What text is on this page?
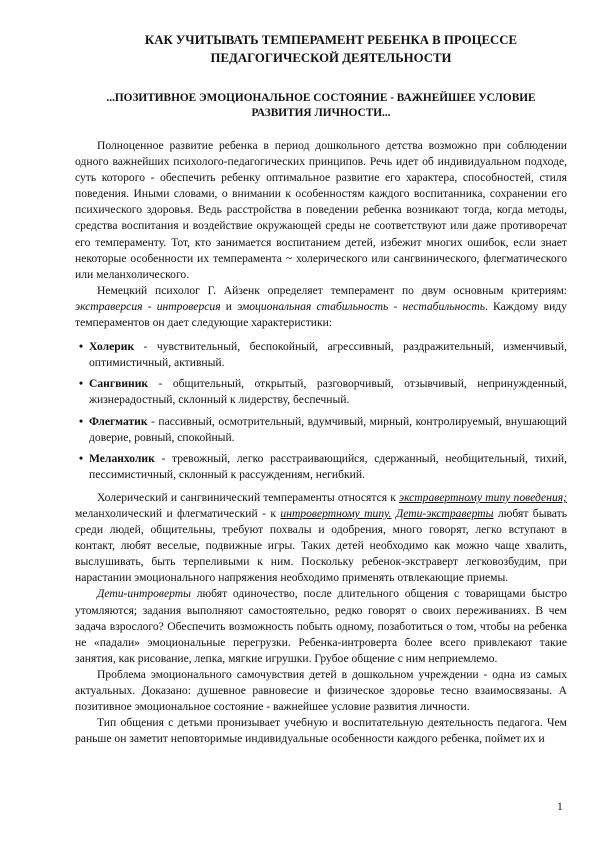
КАК УЧИТЫВАТЬ ТЕМПЕРАМЕНТ РЕБЕНКА В ПРОЦЕССЕ ПЕДАГОГИЧЕСКОЙ ДЕЯТЕЛЬНОСТИ
...ПОЗИТИВНОЕ ЭМОЦИОНАЛЬНОЕ СОСТОЯНИЕ - ВАЖНЕЙШЕЕ УСЛОВИЕ РАЗВИТИЯ ЛИЧНОСТИ...

Полноценное развитие ребенка в период дошкольного детства возможно при соблюдении одного важнейших психолого-педагогических принципов. Речь идет об индивидуальном подходе, суть которого - обеспечить ребенку оптимальное развитие его характера, способностей, стиля поведения. Иными словами, о внимании к особенностям каждого воспитанника, сохранении его психического здоровья. Ведь расстройства в поведении ребенка возникают тогда, когда методы, средства воспитания и воздействие окружающей среды не соответствуют или даже противоречат его темпераменту. Тот, кто занимается воспитанием детей, избежит многих ошибок, если знает некоторые особенности их темперамента ~ холерического или сангвинического, флегматического или меланхолического.

Немецкий психолог Г. Айзенк определяет темперамент по двум основным критериям: экстраверсия - интроверсия и эмоциональная стабильность - нестабильность. Каждому виду темпераментов он дает следующие характеристики:

• Холерик - чувствительный, беспокойный, агрессивный, раздражительный, изменчивый, оптимистичный, активный.
• Сангвиник - общительный, открытый, разговорчивый, отзывчивый, непринужденный, жизнерадостный, склонный к лидерству, беспечный.
• Флегматик - пассивный, осмотрительный, вдумчивый, мирный, контролируемый, внушающий доверие, ровный, спокойный.
• Меланхолик - тревожный, легко расстраивающийся, сдержанный, необщительный, тихий, пессимистичный, склонный к рассуждениям, негибкий.

Холерический и сангвинический темпераменты относятся к экстравертному типу поведения; меланхолический и флегматический - к интровертному типу. Дети-экстраверты любят бывать среди людей, общительны, требуют похвалы и одобрения, много говорят, легко вступают в контакт, любят веселые, подвижные игры. Таких детей необходимо как можно чаще хвалить, выслушивать, быть терпеливыми к ним. Поскольку ребенок-экстраверт легковозбудим, при нарастании эмоционального напряжения необходимо применять отвлекающие приемы.

Дети-интроверты любят одиночество, после длительного общения с товарищами быстро утомляются; задания выполняют самостоятельно, редко говорят о своих переживаниях. В чем задача взрослого? Обеспечить возможность побыть одному, позаботиться о том, чтобы на ребенка не «падали» эмоциональные перегрузки. Ребенка-интроверта более всего привлекают такие занятия, как рисование, лепка, мягкие игрушки. Грубое общение с ним неприемлемо.

Проблема эмоционального самочувствия детей в дошкольном учреждении - одна из самых актуальных. Доказано: душевное равновесие и физическое здоровье тесно взаимосвязаны. А позитивное эмоциональное состояние - важнейшее условие развития личности.

Тип общения с детьми пронизывает учебную и воспитательную деятельность педагога. Чем раньше он заметит неповторимые индивидуальные особенности каждого ребенка, поймет их и

1
